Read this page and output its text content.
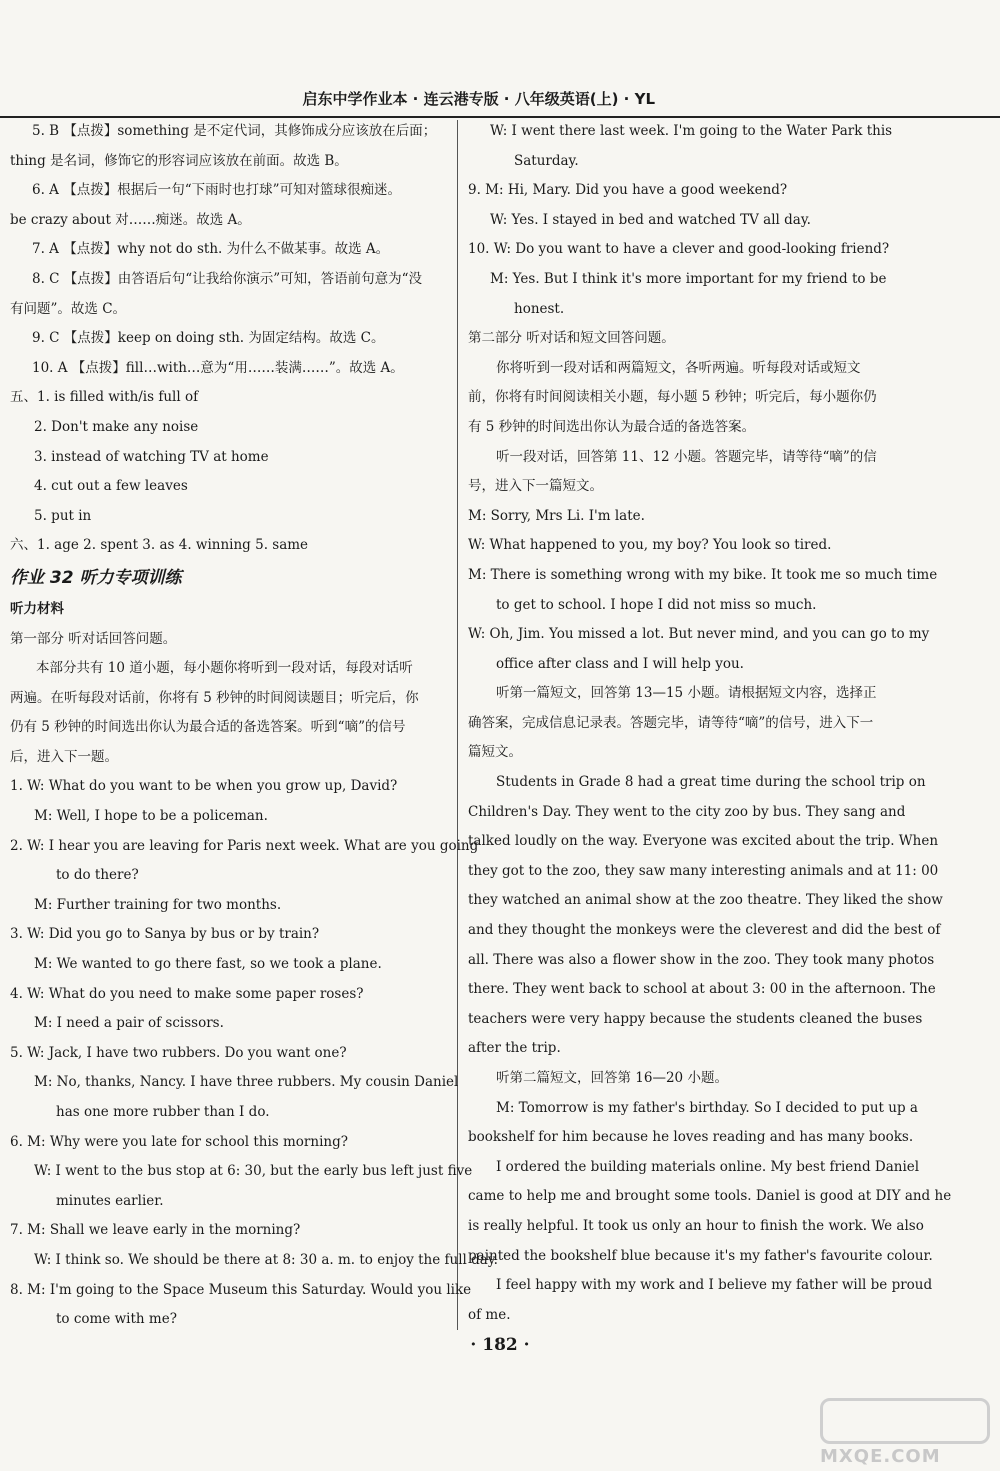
启东中学作业本 · 连云港专版 · 八年级英语(上) · YL
5. B 【点拨】something 是不定代词，其修饰成分应该放在后面；
thing 是名词，修饰它的形容词应该放在前面。故选 B。
6. A 【点拨】根据后一句“下雨时也打球”可知对篮球很痴迷。
be crazy about 对……痴迷。故选 A。
7. A 【点拨】why not do sth. 为什么不做某事。故选 A。
8. C 【点拨】由答语后句“让我给你演示”可知，答语前句意为“没
有问题”。故选 C。
9. C 【点拨】keep on doing sth. 为固定结构。故选 C。
10. A 【点拨】fill…with…意为“用……装满……”。故选 A。
五、1. is filled with/is full of
2. Don't make any noise
3. instead of watching TV at home
4. cut out a few leaves
5. put in
六、1. age 2. spent 3. as 4. winning 5. same
作业 32 听力专项训练
听力材料
第一部分 听对话回答问题。
本部分共有 10 道小题，每小题你将听到一段对话，每段对话听
两遍。在听每段对话前，你将有 5 秒钟的时间阅读题目；听完后，你
仍有 5 秒钟的时间选出你认为最合适的备选答案。听到“嘀”的信号
后，进入下一题。
1. W: What do you want to be when you grow up, David?
M: Well, I hope to be a policeman.
2. W: I hear you are leaving for Paris next week. What are you going
to do there?
M: Further training for two months.
3. W: Did you go to Sanya by bus or by train?
M: We wanted to go there fast, so we took a plane.
4. W: What do you need to make some paper roses?
M: I need a pair of scissors.
5. W: Jack, I have two rubbers. Do you want one?
M: No, thanks, Nancy. I have three rubbers. My cousin Daniel
has one more rubber than I do.
6. M: Why were you late for school this morning?
W: I went to the bus stop at 6: 30, but the early bus left just five
minutes earlier.
7. M: Shall we leave early in the morning?
W: I think so. We should be there at 8: 30 a. m. to enjoy the full day.
8. M: I'm going to the Space Museum this Saturday. Would you like
to come with me?
W: I went there last week. I'm going to the Water Park this
Saturday.
9. M: Hi, Mary. Did you have a good weekend?
W: Yes. I stayed in bed and watched TV all day.
10. W: Do you want to have a clever and good-looking friend?
M: Yes. But I think it's more important for my friend to be
honest.
第二部分 听对话和短文回答问题。
你将听到一段对话和两篇短文，各听两遍。听每段对话或短文
前，你将有时间阅读相关小题，每小题 5 秒钟；听完后，每小题你仍
有 5 秒钟的时间选出你认为最合适的备选答案。
听一段对话，回答第 11、12 小题。答题完毕，请等待“嘀”的信
号，进入下一篇短文。
M: Sorry, Mrs Li. I'm late.
W: What happened to you, my boy? You look so tired.
M: There is something wrong with my bike. It took me so much time
to get to school. I hope I did not miss so much.
W: Oh, Jim. You missed a lot. But never mind, and you can go to my
office after class and I will help you.
听第一篇短文，回答第 13—15 小题。请根据短文内容，选择正
确答案，完成信息记录表。答题完毕，请等待“嘀”的信号，进入下一
篇短文。
Students in Grade 8 had a great time during the school trip on
Children's Day. They went to the city zoo by bus. They sang and
talked loudly on the way. Everyone was excited about the trip. When
they got to the zoo, they saw many interesting animals and at 11: 00
they watched an animal show at the zoo theatre. They liked the show
and they thought the monkeys were the cleverest and did the best of
all. There was also a flower show in the zoo. They took many photos
there. They went back to school at about 3: 00 in the afternoon. The
teachers were very happy because the students cleaned the buses
after the trip.
听第二篇短文，回答第 16—20 小题。
M: Tomorrow is my father's birthday. So I decided to put up a
bookshelf for him because he loves reading and has many books.
I ordered the building materials online. My best friend Daniel
came to help me and brought some tools. Daniel is good at DIY and he
is really helpful. It took us only an hour to finish the work. We also
painted the bookshelf blue because it's my father's favourite colour.
I feel happy with my work and I believe my father will be proud
of me.
· 182 ·
MXQE.COM
